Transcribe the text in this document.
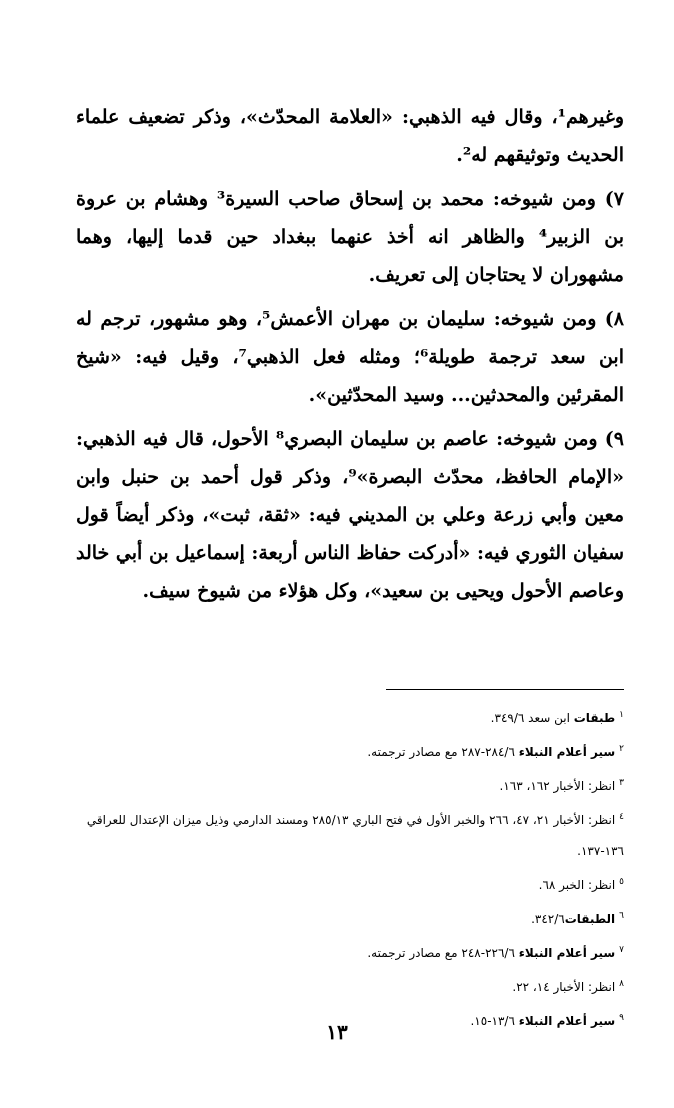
وغيرهم¹، وقال فيه الذهبي: «العلامة المحدّث»، وذكر تضعيف علماء الحديث وتوثيقهم له².

٧) ومن شيوخه: محمد بن إسحاق صاحب السيرة³ وهشام بن عروة بن الزبير⁴ والظاهر انه أخذ عنهما ببغداد حين قدما إليها، وهما مشهوران لا يحتاجان إلى تعريف.

٨) ومن شيوخه: سليمان بن مهران الأعمش⁵، وهو مشهور، ترجم له ابن سعد ترجمة طويلة⁶؛ ومثله فعل الذهبي⁷، وقيل فيه: «شيخ المقرئين والمحدثين... وسيد المحدّثين».

٩) ومن شيوخه: عاصم بن سليمان البصري⁸ الأحول، قال فيه الذهبي: «الإمام الحافظ، محدّث البصرة»⁹، وذكر قول أحمد بن حنبل وابن معين وأبي زرعة وعلي بن المديني فيه: «ثقة، ثبت»، وذكر أيضاً قول سفيان الثوري فيه: «أدركت حفاظ الناس أربعة: إسماعيل بن أبي خالد وعاصم الأحول ويحيى بن سعيد»، وكل هؤلاء من شيوخ سيف.

$^١$طبقات ابن سعد ٣٤٩/٦.
$^٢$سير أعلام النبلاء ٢٨٤/٦-٢٨٧ مع مصادر ترجمته.
$^٣$انظر: الأخبار ١٦٢، ١٦٣.
$^٤$انظر: الأخبار ٢١، ٤٧، ٢٦٦ والخبر الأول في فتح الباري ٢٨٥/١٣ ومسند الدارمي وذيل ميزان الإعتدال للعراقي ١٣٦-١٣٧.
$^٥$انظر: الخبر ٦٨.
$^٦$الطبقات٣٤٢/٦.
$^٧$سير أعلام النبلاء ٢٢٦/٦-٢٤٨ مع مصادر ترجمته.
$^٨$انظر: الأخبار ١٤، ٢٢.
$^٩$سير أعلام النبلاء ١٣/٦-١٥.
١٣
